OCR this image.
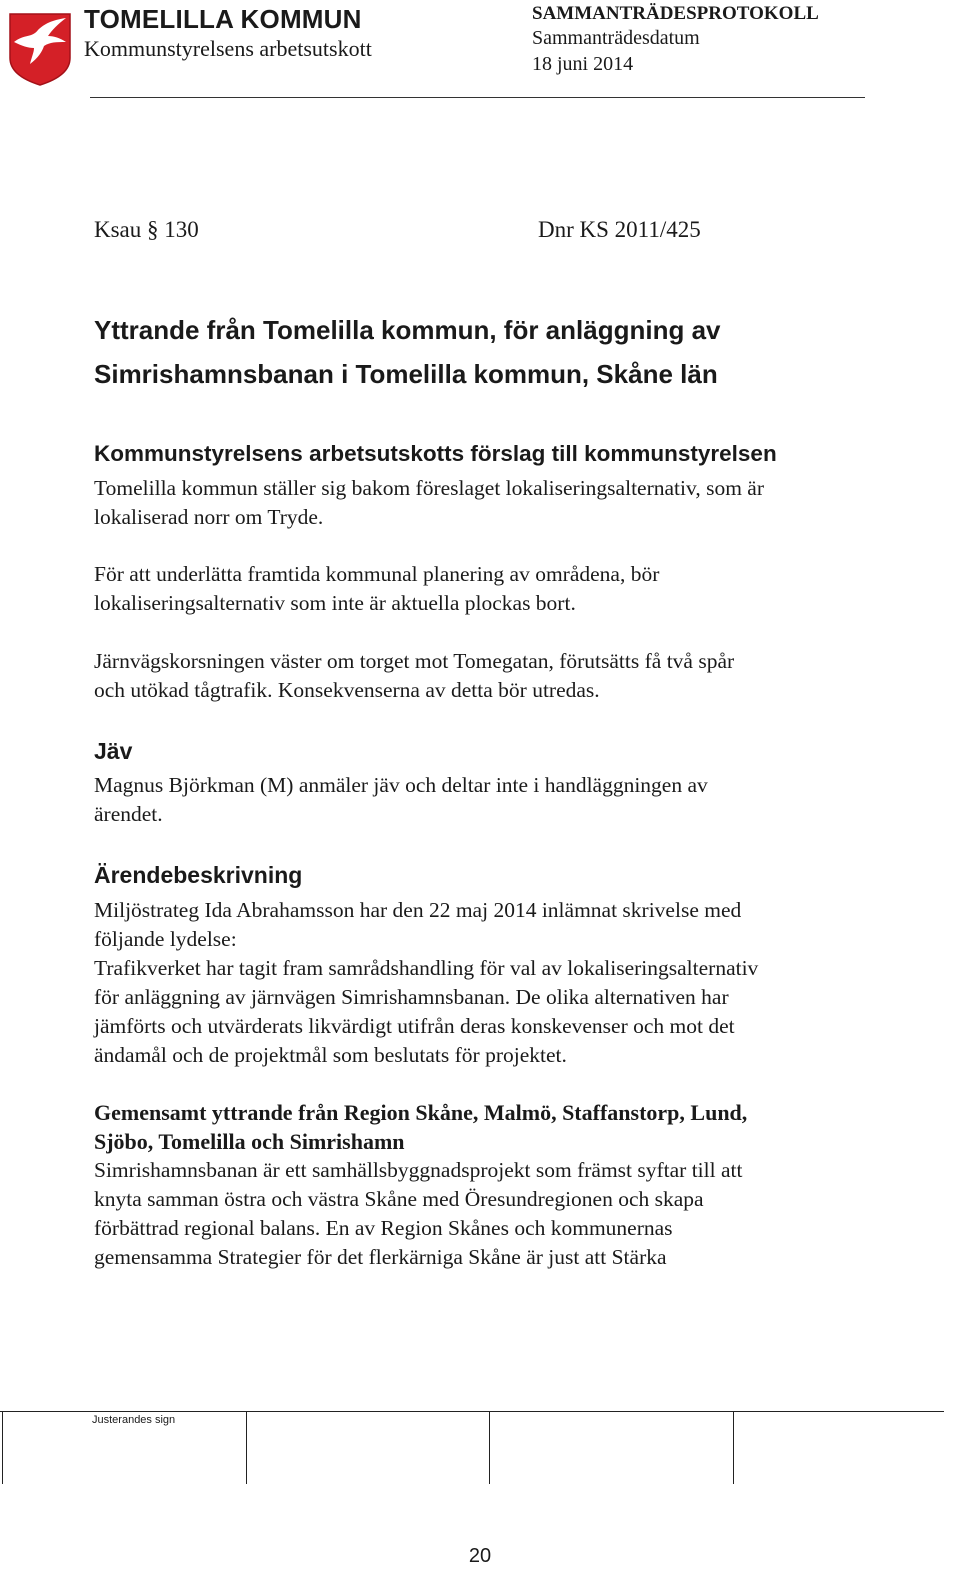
TOMELILLA KOMMUN
Kommunstyrelsens arbetsutskott
SAMMANTRÄDESPROTOKOLL
Sammanträdesdatum
18 juni 2014
Ksau § 130	Dnr KS 2011/425
Yttrande från Tomelilla kommun, för anläggning av
Simrishamnsbanan i Tomelilla kommun, Skåne län
Kommunstyrelsens arbetsutskotts förslag till kommunstyrelsen
Tomelilla kommun ställer sig bakom föreslaget lokaliseringsalternativ, som är
lokaliserad norr om Tryde.
För att underlätta framtida kommunal planering av områdena, bör
lokaliseringsalternativ som inte är aktuella plockas bort.
Järnvägskorsningen väster om torget mot Tomegatan, förutsätts få två spår
och utökad tågtrafik. Konsekvenserna av detta bör utredas.
Jäv
Magnus Björkman (M) anmäler jäv och deltar inte i handläggningen av
ärendet.
Ärendebeskrivning
Miljöstrateg Ida Abrahamsson har den 22 maj 2014 inlämnat skrivelse med
följande lydelse:
Trafikverket har tagit fram samrådshandling för val av lokaliseringsalternativ
för anläggning av järnvägen Simrishamnsbanan. De olika alternativen har
jämförts och utvärderats likvärdigt utifrån deras konskevenser och mot det
ändamål och de projektmål som beslutats för projektet.
Gemensamt yttrande från Region Skåne, Malmö, Staffanstorp, Lund,
Sjöbo, Tomelilla och Simrishamn
Simrishamnsbanan är ett samhällsbyggnadsprojekt som främst syftar till att
knyta samman östra och västra Skåne med Öresundregionen och skapa
förbättrad regional balans. En av Region Skånes och kommunernas
gemensamma Strategier för det flerkärniga Skåne är just att Stärka
Justerandes sign
20
